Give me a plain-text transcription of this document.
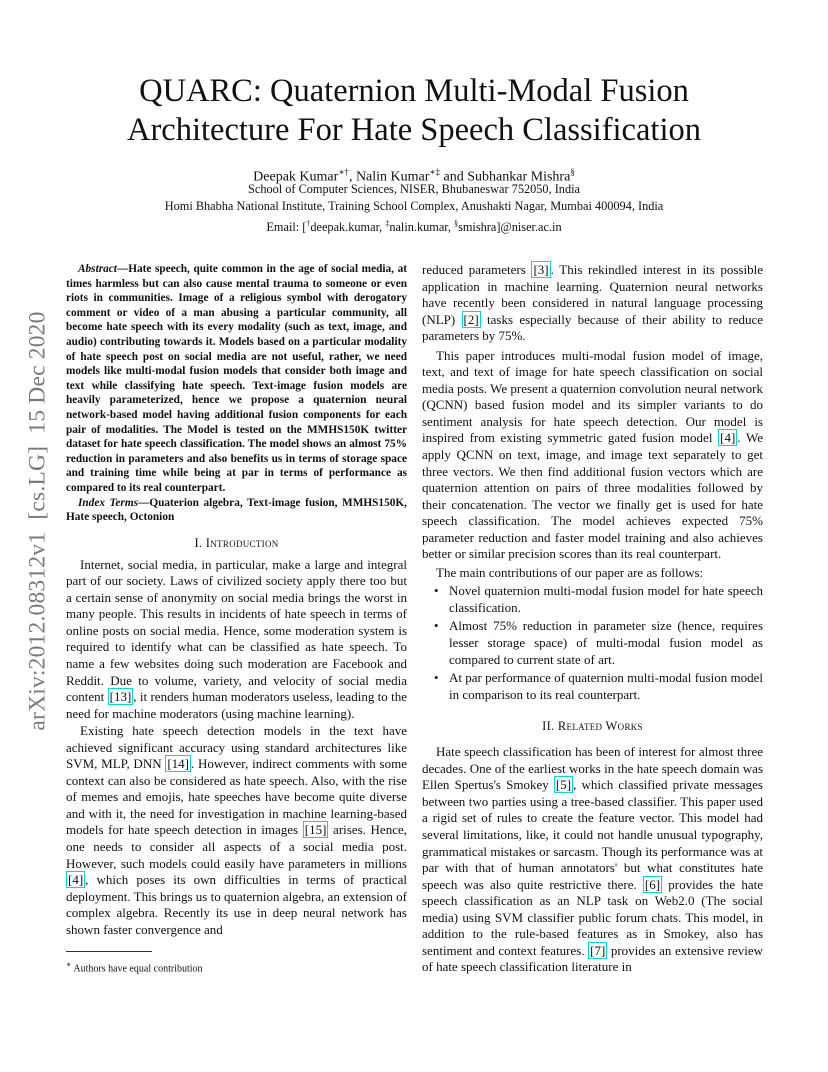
QUARC: Quaternion Multi-Modal Fusion
Architecture For Hate Speech Classification
Deepak Kumar∗†, Nalin Kumar∗‡ and Subhankar Mishra§
School of Computer Sciences, NISER, Bhubaneswar 752050, India
Homi Bhabha National Institute, Training School Complex, Anushakti Nagar, Mumbai 400094, India
Email: [†deepak.kumar, ‡nalin.kumar, §smishra]@niser.ac.in
arXiv:2012.08312v1  [cs.LG]  15 Dec 2020

Abstract—Hate speech, quite common in the age of social media, at times harmless but can also cause mental trauma to someone or even riots in communities. Image of a religious symbol with derogatory comment or video of a man abusing a particular community, all become hate speech with its every modality (such as text, image, and audio) contributing towards it. Models based on a particular modality of hate speech post on social media are not useful, rather, we need models like multi-modal fusion models that consider both image and text while classifying hate speech. Text-image fusion models are heavily parameterized, hence we propose a quaternion neural network-based model having additional fusion components for each pair of modalities. The Model is tested on the MMHS150K twitter dataset for hate speech classification. The model shows an almost 75% reduction in parameters and also benefits us in terms of storage space and training time while being at par in terms of performance as compared to its real counterpart.

Index Terms—Quaterion algebra, Text-image fusion, MMHS150K, Hate speech, Octonion

I. Introduction

Internet, social media, in particular, make a large and integral part of our society. Laws of civilized society apply there too but a certain sense of anonymity on social media brings the worst in many people. This results in incidents of hate speech in terms of online posts on social media. Hence, some moderation system is required to identify what can be classified as hate speech. To name a few websites doing such moderation are Facebook and Reddit. Due to volume, variety, and velocity of social media content [13] , it renders human moderators useless, leading to the need for machine moderators (using machine learning).

Existing hate speech detection models in the text have achieved significant accuracy using standard architectures like SVM, MLP, DNN [14] . However, indirect comments with some context can also be considered as hate speech. Also, with the rise of memes and emojis, hate speeches have become quite diverse and with it, the need for investigation in machine learning-based models for hate speech detection in images [15] arises. Hence, one needs to consider all aspects of a social media post. However, such models could easily have parameters in millions [4] , which poses its own difficulties in terms of practical deployment. This brings us to quaternion algebra, an extension of complex algebra. Recently its use in deep neural network has shown faster convergence and

∗ Authors have equal contribution

reduced parameters [3] . This rekindled interest in its possible application in machine learning. Quaternion neural networks have recently been considered in natural language processing (NLP) [2] tasks especially because of their ability to reduce parameters by 75%.

This paper introduces multi-modal fusion model of image, text, and text of image for hate speech classification on social media posts. We present a quaternion convolution neural network (QCNN) based fusion model and its simpler variants to do sentiment analysis for hate speech detection. Our model is inspired from existing symmetric gated fusion model [4] . We apply QCNN on text, image, and image text separately to get three vectors. We then find additional fusion vectors which are quaternion attention on pairs of three modalities followed by their concatenation. The vector we finally get is used for hate speech classification. The model achieves expected 75% parameter reduction and faster model training and also achieves better or similar precision scores than its real counterpart.

The main contributions of our paper are as follows:

• Novel quaternion multi-modal fusion model for hate speech classification.
• Almost 75% reduction in parameter size (hence, requires lesser storage space) of multi-modal fusion model as compared to current state of art.
• At par performance of quaternion multi-modal fusion model in comparison to its real counterpart.
II. Related Works

Hate speech classification has been of interest for almost three decades. One of the earliest works in the hate speech domain was Ellen Spertus's Smokey [5] , which classified private messages between two parties using a tree-based classifier. This paper used a rigid set of rules to create the feature vector. This model had several limitations, like, it could not handle unusual typography, grammatical mistakes or sarcasm. Though its performance was at par with that of human annotators' but what constitutes hate speech was also quite restrictive there. [6] provides the hate speech classification as an NLP task on Web2.0 (The social media) using SVM classifier public forum chats. This model, in addition to the rule-based features as in Smokey, also has sentiment and context features. [7] provides an extensive review of hate speech classification literature in
